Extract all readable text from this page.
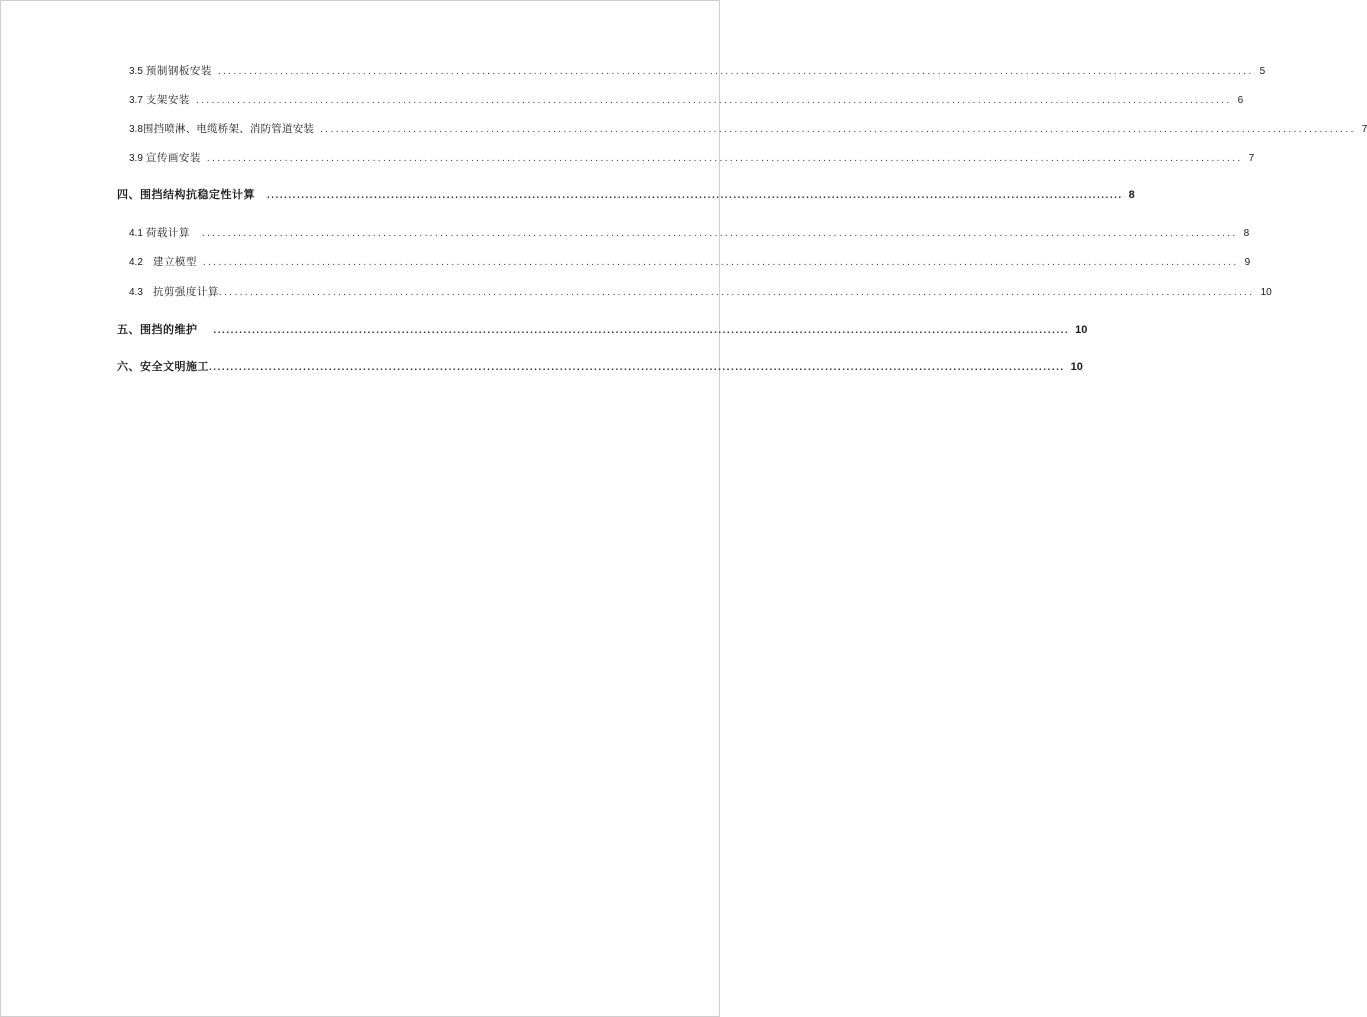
3.5 预制钢板安装 ........................................................................................................................................................................................................ 5
3.7 支架安装 ........................................................................................................................................................................................................ 6
3.8 围挡喷淋、电缆桥架、消防管道安装 ........................................................................................................................................................................................................ 7
3.9 宣传画安装 ........................................................................................................................................................................................................ 7
四、围挡结构抗稳定性计算 ........................................................................................................................................................................................................ 8
4.1 荷载计算 ........................................................................................................................................................................................................ 8
4.2 建立模型 ........................................................................................................................................................................................................ 9
4.3 抗剪强度计算 ........................................................................................................................................................................................................ 10
五、围挡的维护 ........................................................................................................................................................................................................ 10
六、安全文明施工 ........................................................................................................................................................................................................ 10
